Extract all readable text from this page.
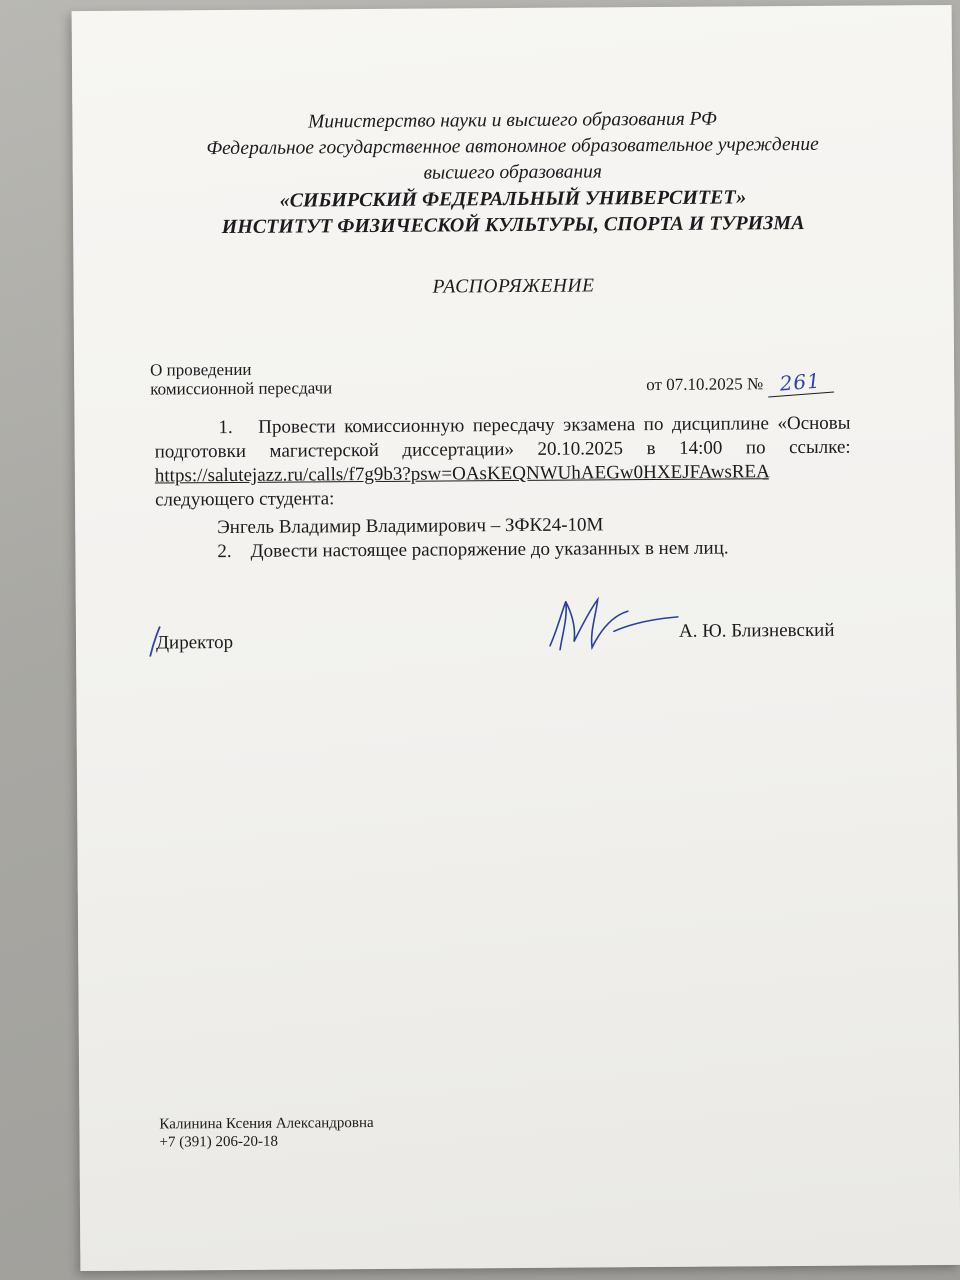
Министерство науки и высшего образования РФ
Федеральное государственное автономное образовательное учреждение
высшего образования
«СИБИРСКИЙ ФЕДЕРАЛЬНЫЙ УНИВЕРСИТЕТ»
ИНСТИТУТ ФИЗИЧЕСКОЙ КУЛЬТУРЫ, СПОРТА И ТУРИЗМА
РАСПОРЯЖЕНИЕ
О проведении
комиссионной пересдачи	от 07.10.2025 № 261

1. Провести комиссионную пересдачу экзамена по дисциплине «Основы подготовки магистерской диссертации» 20.10.2025 в 14:00 по ссылке: https://salutejazz.ru/calls/f7g9b3?psw=OAsKEQNWUhAEGw0HXEJFAwsREA следующего студента:

Энгель Владимир Владимирович – ЗФК24-10М
2. Довести настоящее распоряжение до указанных в нем лиц.
Директор
А. Ю. Близневский
Калинина Ксения Александровна
+7 (391) 206-20-18
